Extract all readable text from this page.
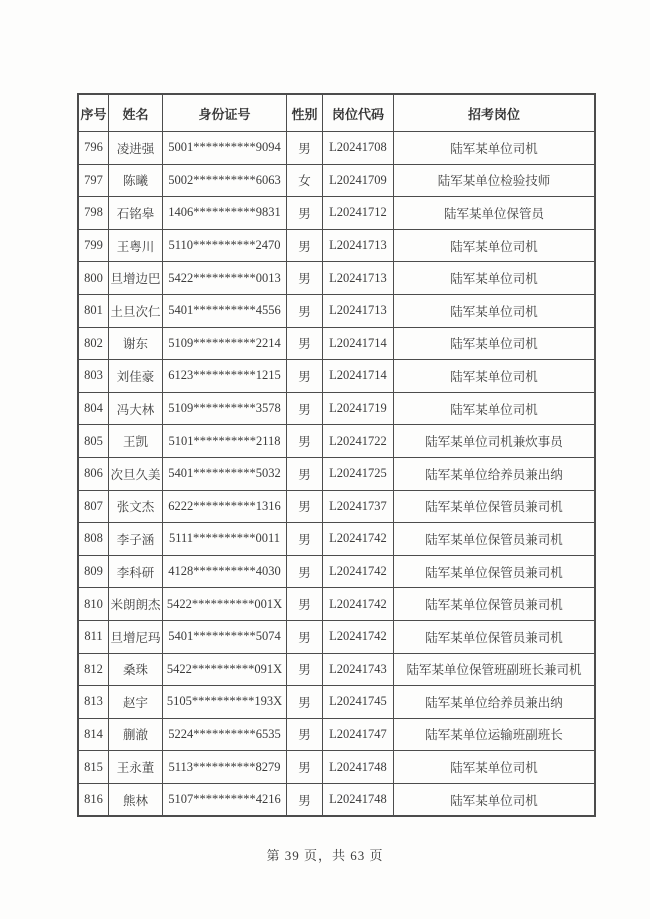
序号	姓名	身份证号	性别	岗位代码	招考岗位
796	凌进强	5001**********9094	男	L20241708	陆军某单位司机
797	陈曦	5002**********6063	女	L20241709	陆军某单位检验技师
798	石铭皋	1406**********9831	男	L20241712	陆军某单位保管员
799	王粤川	5110**********2470	男	L20241713	陆军某单位司机
800	旦增边巴	5422**********0013	男	L20241713	陆军某单位司机
801	土旦次仁	5401**********4556	男	L20241713	陆军某单位司机
802	谢东	5109**********2214	男	L20241714	陆军某单位司机
803	刘佳豪	6123**********1215	男	L20241714	陆军某单位司机
804	冯大林	5109**********3578	男	L20241719	陆军某单位司机
805	王凯	5101**********2118	男	L20241722	陆军某单位司机兼炊事员
806	次旦久美	5401**********5032	男	L20241725	陆军某单位给养员兼出纳
807	张文杰	6222**********1316	男	L20241737	陆军某单位保管员兼司机
808	李子涵	5111**********0011	男	L20241742	陆军某单位保管员兼司机
809	李科研	4128**********4030	男	L20241742	陆军某单位保管员兼司机
810	米朗朗杰	5422**********001X	男	L20241742	陆军某单位保管员兼司机
811	旦增尼玛	5401**********5074	男	L20241742	陆军某单位保管员兼司机
812	桑珠	5422**********091X	男	L20241743	陆军某单位保管班副班长兼司机
813	赵宇	5105**********193X	男	L20241745	陆军某单位给养员兼出纳
814	蒯澈	5224**********6535	男	L20241747	陆军某单位运输班副班长
815	王永董	5113**********8279	男	L20241748	陆军某单位司机
816	熊林	5107**********4216	男	L20241748	陆军某单位司机
第 39 页，共 63 页
